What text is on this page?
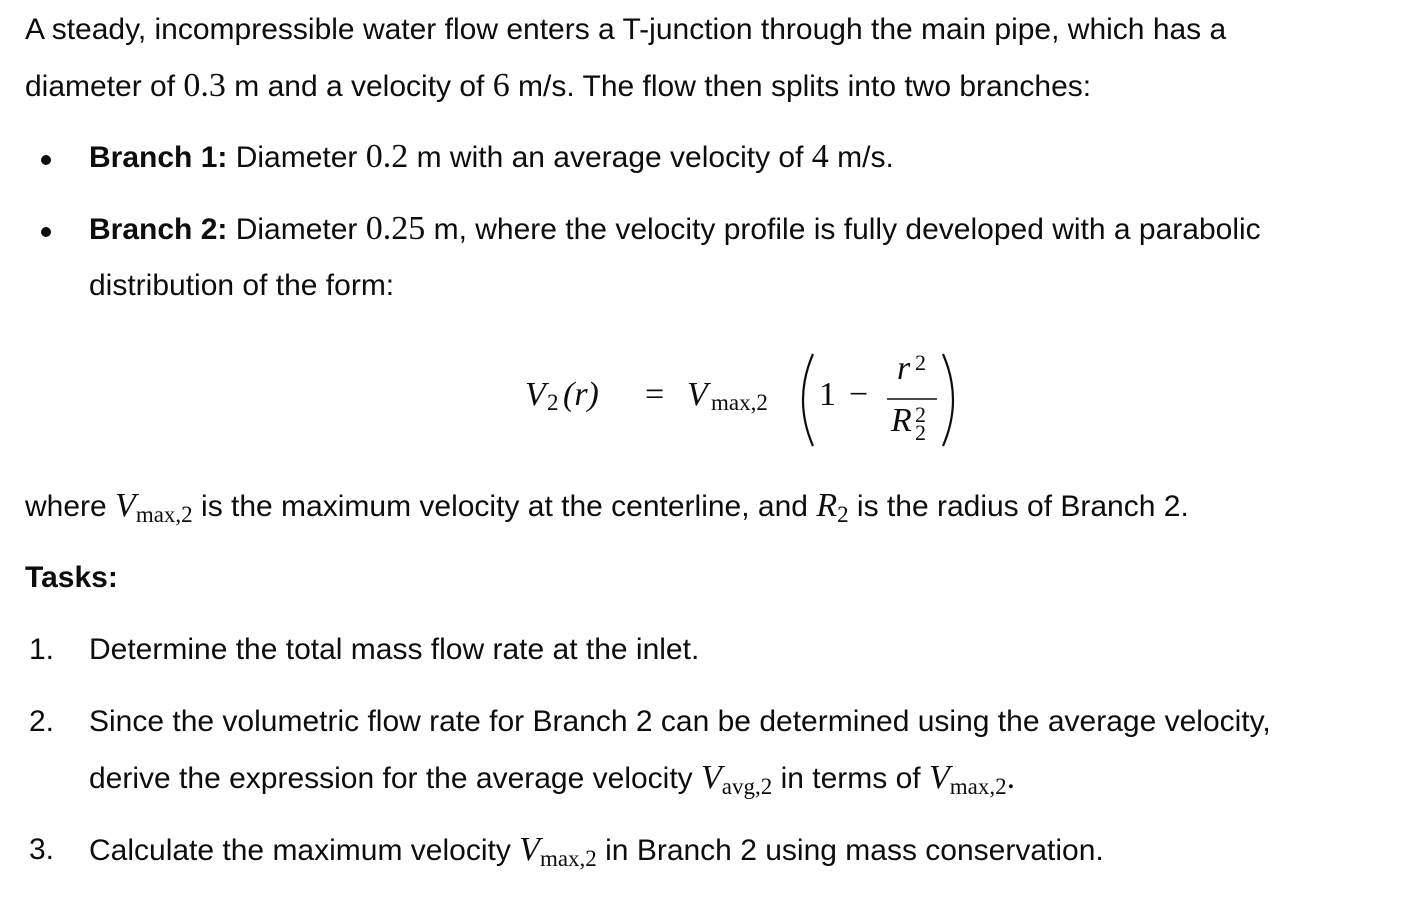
A steady, incompressible water flow enters a T-junction through the main pipe, which has a
diameter of 0.3 m and a velocity of 6 m/s. The flow then splits into two branches:
Branch 1: Diameter 0.2 m with an average velocity of 4 m/s.
Branch 2: Diameter 0.25 m, where the velocity profile is fully developed with a parabolic
distribution of the form:
V 2 (r) = V max,2 1 −
r 2
R 2
2
where $V_{max,2}$ is the maximum velocity at the centerline, and $R_2$ is the radius of Branch 2.
Tasks:
1. Determine the total mass flow rate at the inlet.
2. Since the volumetric flow rate for Branch 2 can be determined using the average velocity,
derive the expression for the average velocity $V_{avg,2}$ in terms of $V_{max,2}$.
3. Calculate the maximum velocity $V_{max,2}$ in Branch 2 using mass conservation.
